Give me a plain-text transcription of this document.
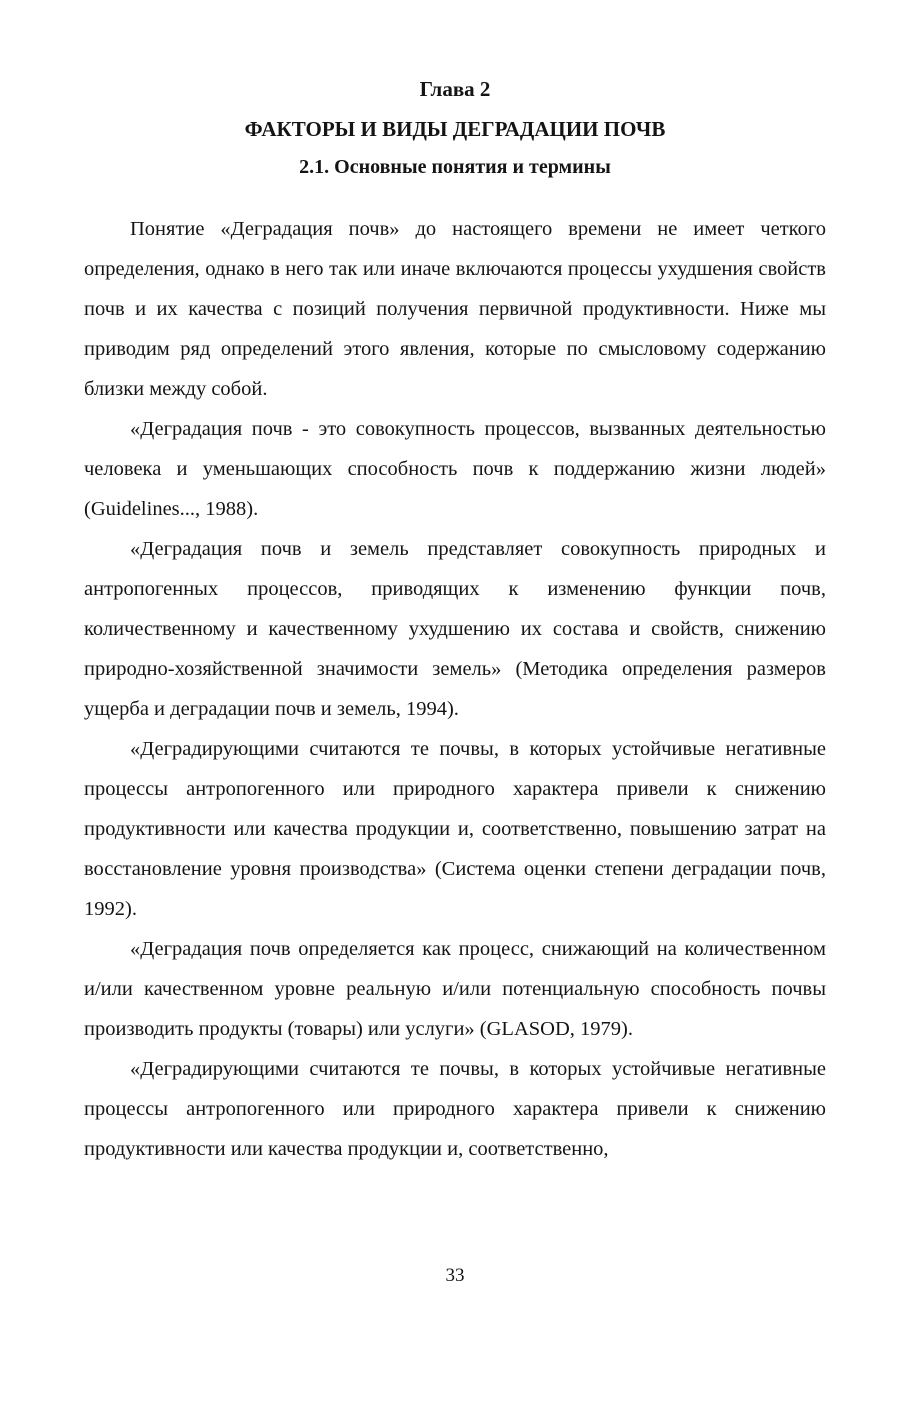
Глава 2
ФАКТОРЫ И ВИДЫ ДЕГРАДАЦИИ ПОЧВ
2.1. Основные понятия и термины

Понятие «Деградация почв» до настоящего времени не имеет четкого определения, однако в него так или иначе включаются процессы ухудшения свойств почв и их качества с позиций получения первичной продуктивности. Ниже мы приводим ряд определений этого явления, которые по смысловому содержанию близки между собой.

«Деградация почв - это совокупность процессов, вызванных деятельностью человека и уменьшающих способность почв к поддержанию жизни людей» (Guidelines..., 1988).

«Деградация почв и земель представляет совокупность природных и антропогенных процессов, приводящих к изменению функции почв, количественному и качественному ухудшению их состава и свойств, снижению природно-хозяйственной значимости земель» (Методика определения размеров ущерба и деградации почв и земель, 1994).

«Деградирующими считаются те почвы, в которых устойчивые негативные процессы антропогенного или природного характера привели к снижению продуктивности или качества продукции и, соответственно, повышению затрат на восстановление уровня производства» (Система оценки степени деградации почв, 1992).

«Деградация почв определяется как процесс, снижающий на количественном и/или качественном уровне реальную и/или потенциальную способность почвы производить продукты (товары) или услуги» (GLASOD, 1979).

«Деградирующими считаются те почвы, в которых устойчивые негативные процессы антропогенного или природного характера привели к снижению продуктивности или качества продукции и, соответственно,

33
